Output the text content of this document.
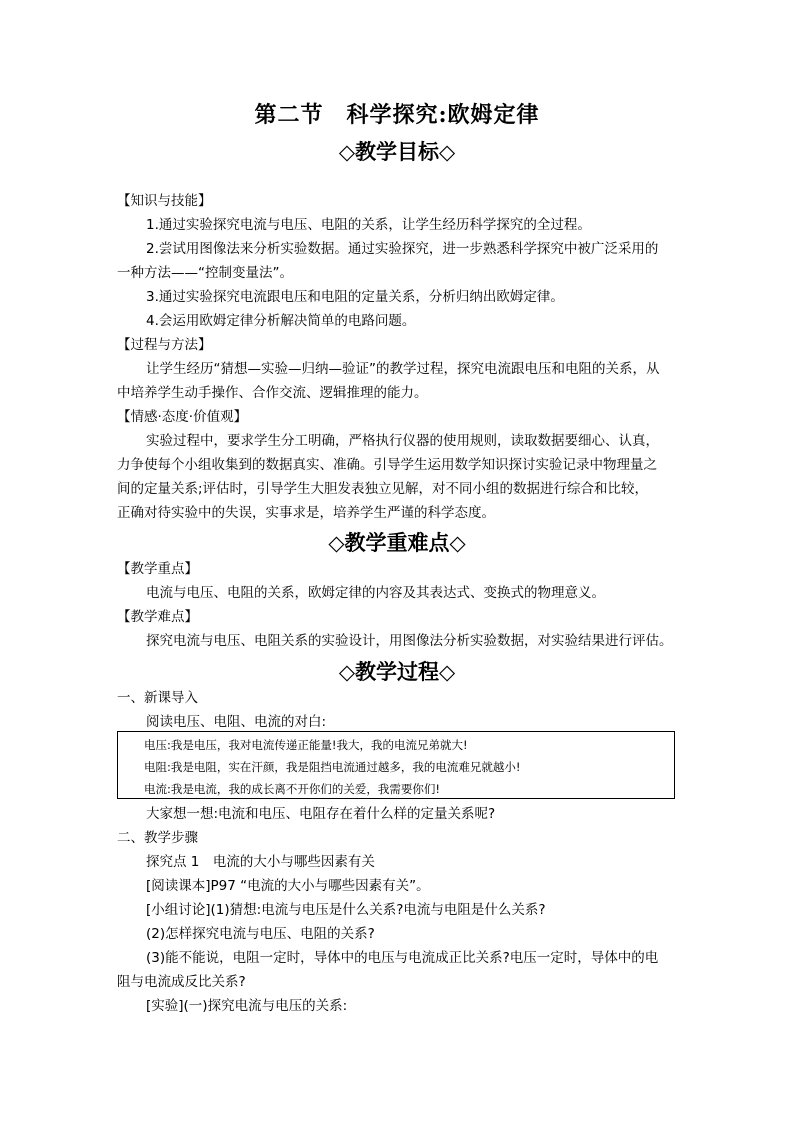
第二节　科学探究:欧姆定律
◇教学目标◇
【知识与技能】
1.通过实验探究电流与电压、电阻的关系，让学生经历科学探究的全过程。
2.尝试用图像法来分析实验数据。通过实验探究，进一步熟悉科学探究中被广泛采用的
一种方法——“控制变量法”。
3.通过实验探究电流跟电压和电阻的定量关系，分析归纳出欧姆定律。
4.会运用欧姆定律分析解决简单的电路问题。
【过程与方法】
让学生经历“猜想—实验—归纳—验证”的教学过程，探究电流跟电压和电阻的关系，从
中培养学生动手操作、合作交流、逻辑推理的能力。
【情感·态度·价值观】
实验过程中，要求学生分工明确，严格执行仪器的使用规则，读取数据要细心、认真，
力争使每个小组收集到的数据真实、准确。引导学生运用数学知识探讨实验记录中物理量之
间的定量关系;评估时，引导学生大胆发表独立见解，对不同小组的数据进行综合和比较，
正确对待实验中的失误，实事求是，培养学生严谨的科学态度。
◇教学重难点◇
【教学重点】
电流与电压、电阻的关系，欧姆定律的内容及其表达式、变换式的物理意义。
【教学难点】
探究电流与电压、电阻关系的实验设计，用图像法分析实验数据，对实验结果进行评估。
◇教学过程◇
一、新课导入
阅读电压、电阻、电流的对白:
电压:我是电压，我对电流传递正能量!我大，我的电流兄弟就大!
电阻:我是电阻，实在汗颜，我是阻挡电流通过越多，我的电流难兄就越小!
电流:我是电流，我的成长离不开你们的关爱，我需要你们!
大家想一想:电流和电压、电阻存在着什么样的定量关系呢?
二、教学步骤
探究点 1　电流的大小与哪些因素有关
[阅读课本]P97 “电流的大小与哪些因素有关”。
[小组讨论](1)猜想:电流与电压是什么关系?电流与电阻是什么关系?
(2)怎样探究电流与电压、电阻的关系?
(3)能不能说，电阻一定时，导体中的电压与电流成正比关系?电压一定时，导体中的电
阻与电流成反比关系?
[实验](一)探究电流与电压的关系:
